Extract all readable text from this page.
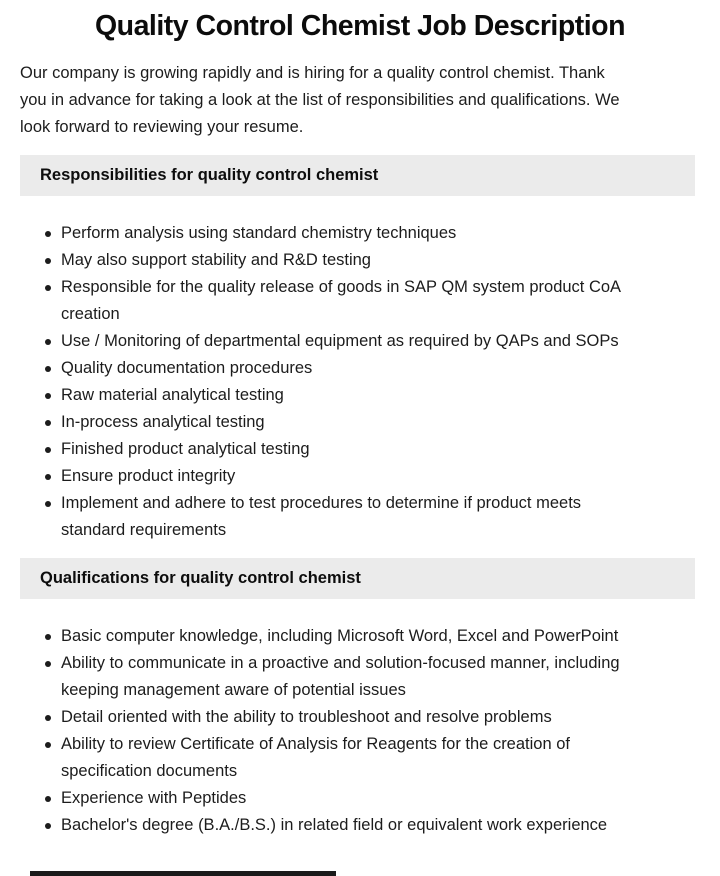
Quality Control Chemist Job Description

Our company is growing rapidly and is hiring for a quality control chemist. Thank
you in advance for taking a look at the list of responsibilities and qualifications. We
look forward to reviewing your resume.

Responsibilities for quality control chemist
Perform analysis using standard chemistry techniques
May also support stability and R&D testing
Responsible for the quality release of goods in SAP QM system product CoA
creation
Use / Monitoring of departmental equipment as required by QAPs and SOPs
Quality documentation procedures
Raw material analytical testing
In-process analytical testing
Finished product analytical testing
Ensure product integrity
Implement and adhere to test procedures to determine if product meets
standard requirements
Qualifications for quality control chemist
Basic computer knowledge, including Microsoft Word, Excel and PowerPoint
Ability to communicate in a proactive and solution-focused manner, including
keeping management aware of potential issues
Detail oriented with the ability to troubleshoot and resolve problems
Ability to review Certificate of Analysis for Reagents for the creation of
specification documents
Experience with Peptides
Bachelor's degree (B.A./B.S.) in related field or equivalent work experience
